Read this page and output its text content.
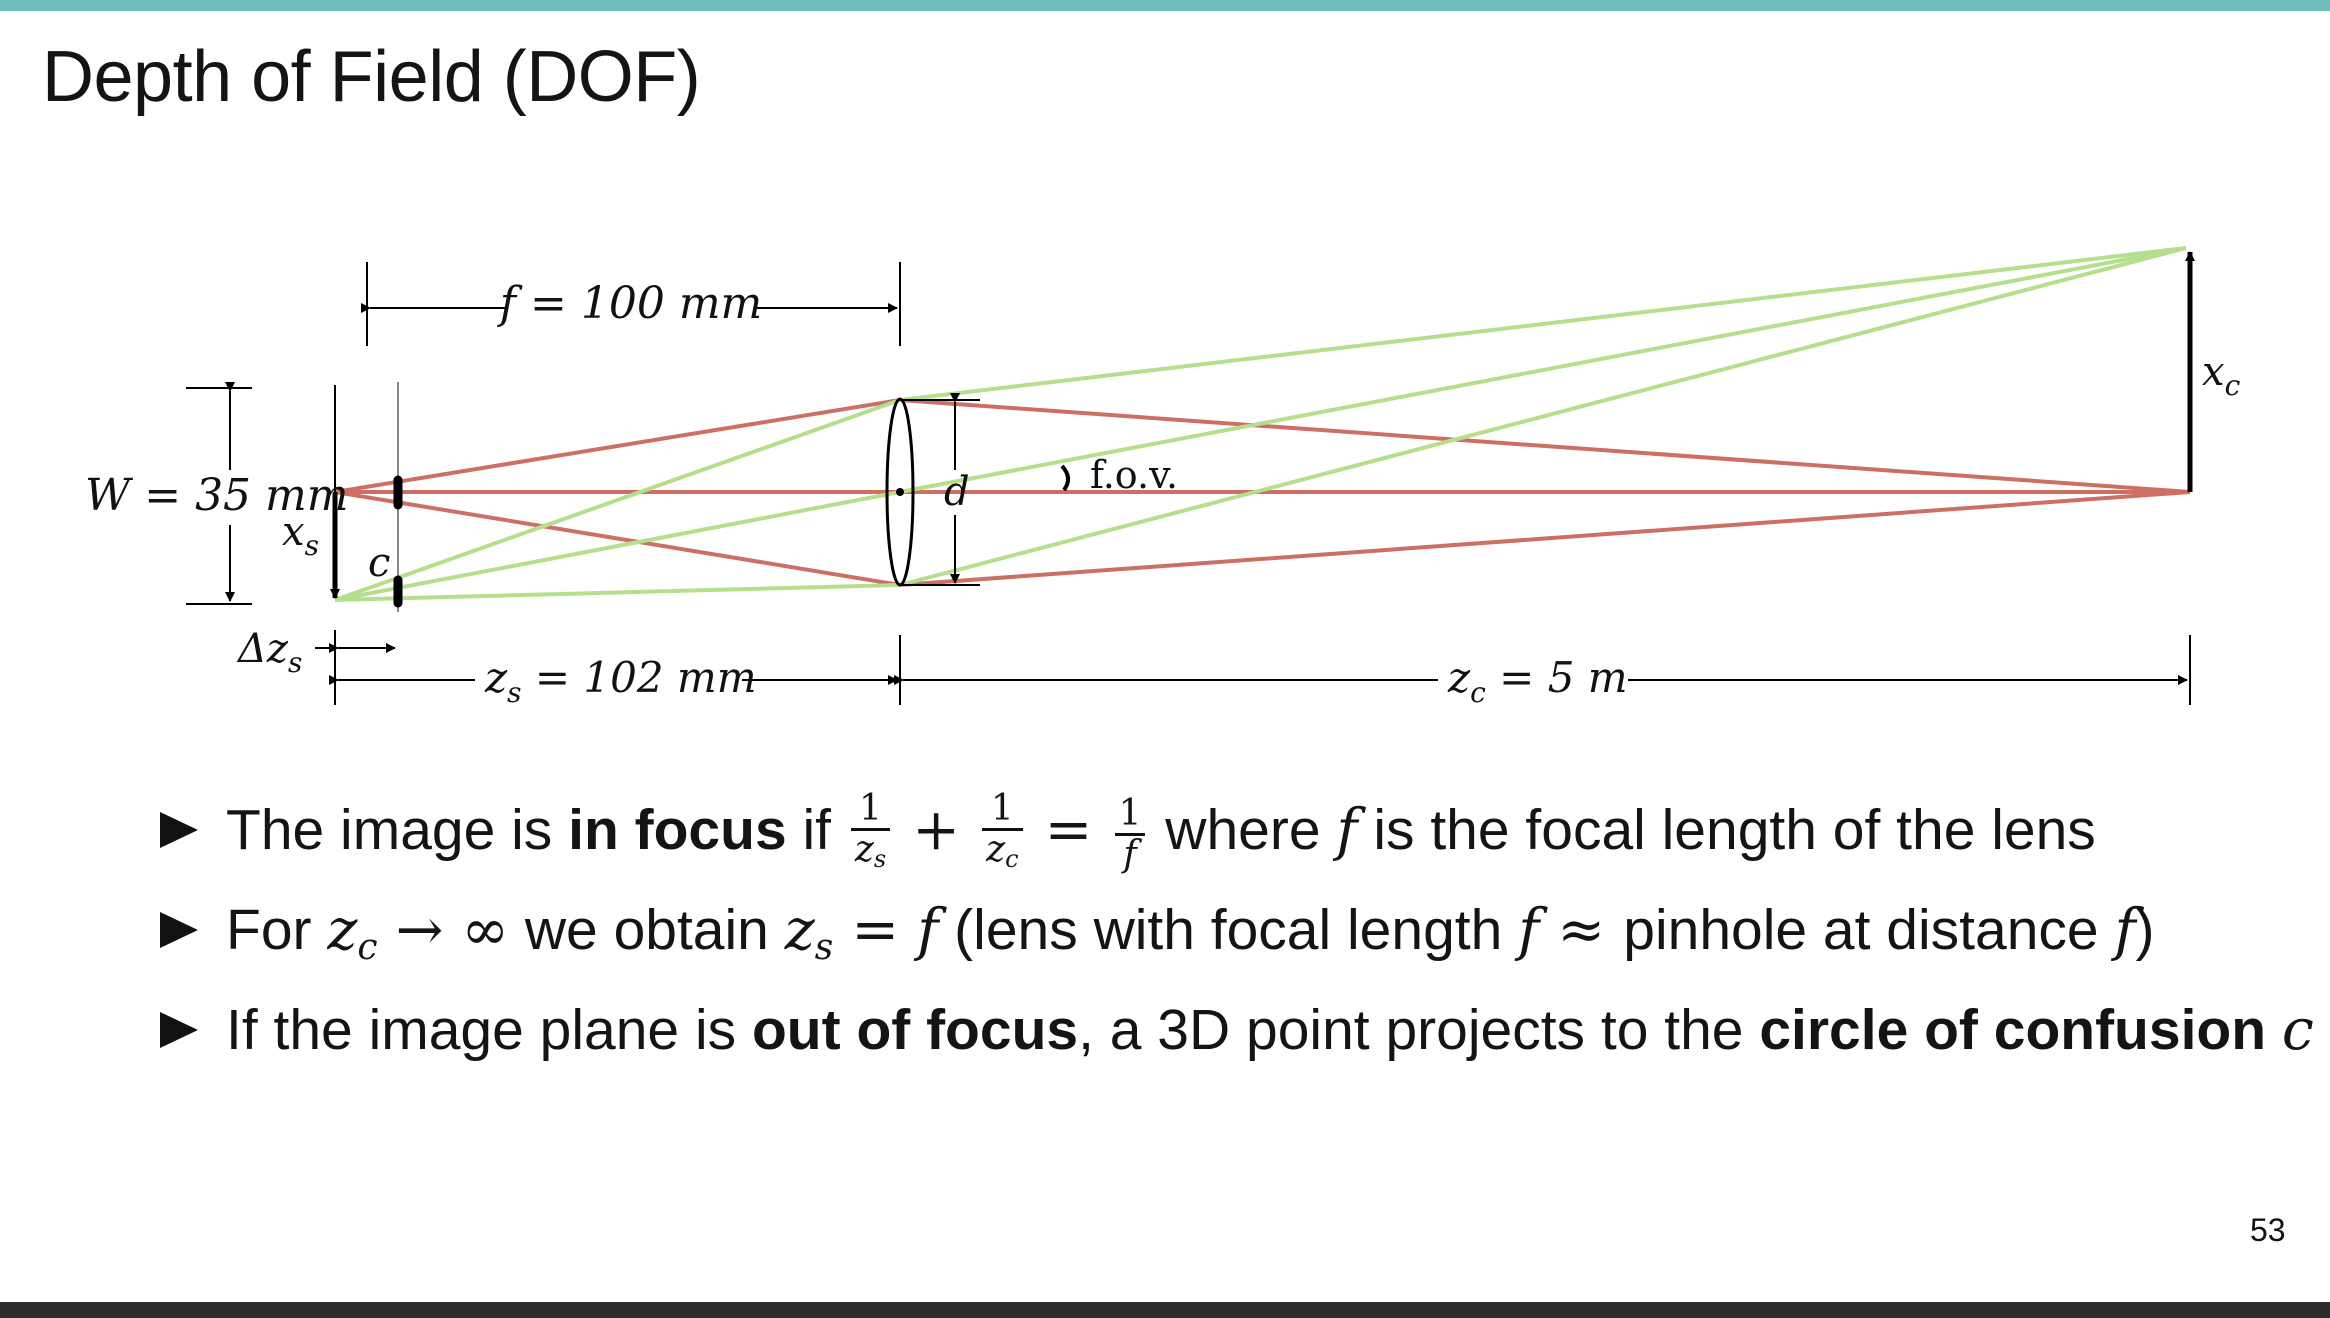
Depth of Field (DOF)
f = 100 mm
W = 35 mm
$x_s$ c
$\Delta z_s$	$z_s = 102$ mm	$z_c = 5$ m
d	f.o.v.
$x_c$
The image is in focus if $\frac{1}{z_s} + \frac{1}{z_c} = \frac{1}{f}$ where f is the focal length of the lens
For $z_c$ → ∞ we obtain $z_s = f$ (lens with focal length f ≈ pinhole at distance f)
If the image plane is out of focus, a 3D point projects to the circle of confusion c
53
